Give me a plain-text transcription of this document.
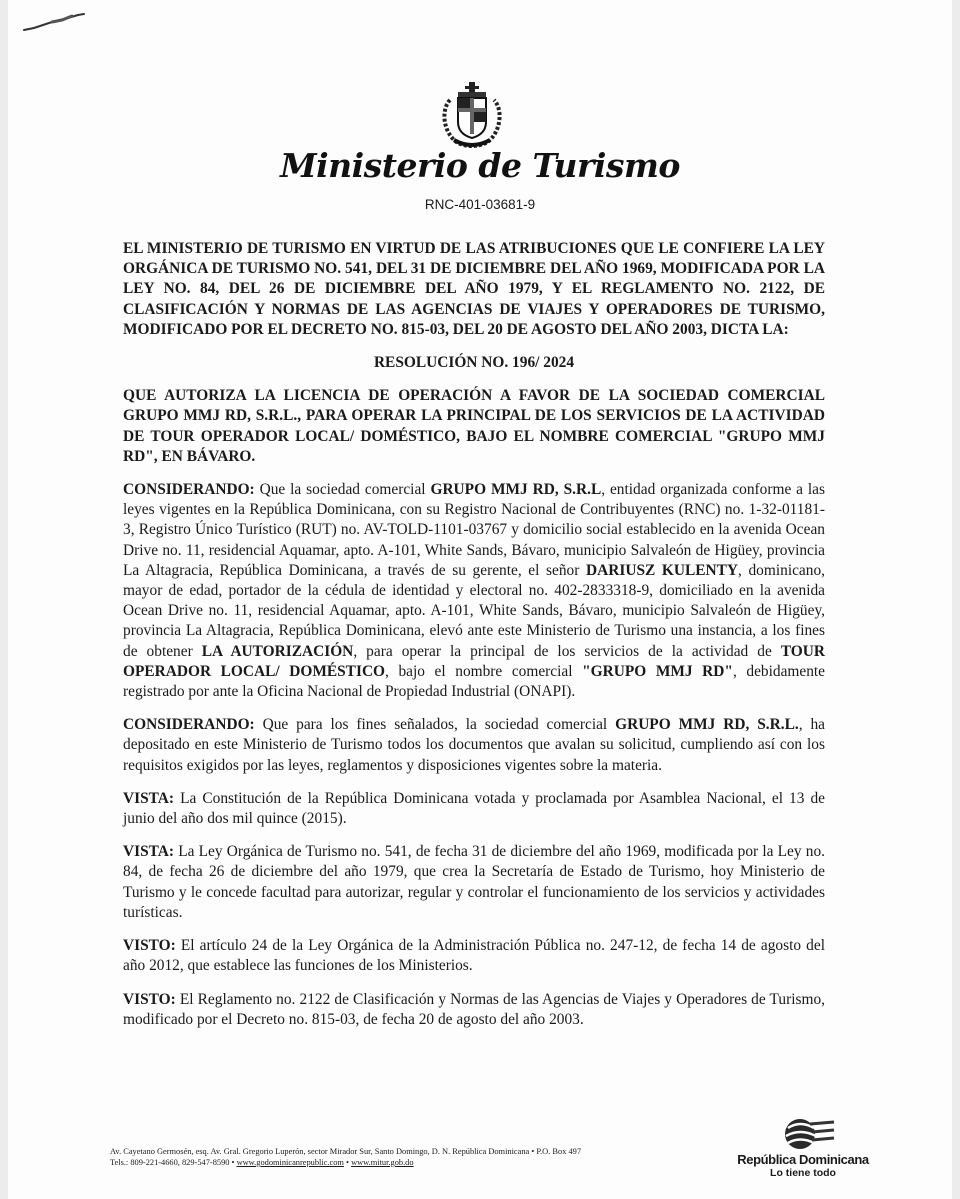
Ministerio de Turismo
RNC-401-03681-9

EL MINISTERIO DE TURISMO EN VIRTUD DE LAS ATRIBUCIONES QUE LE CONFIERE LA LEY ORGÁNICA DE TURISMO NO. 541, DEL 31 DE DICIEMBRE DEL AÑO 1969, MODIFICADA POR LA LEY NO. 84, DEL 26 DE DICIEMBRE DEL AÑO 1979, Y EL REGLAMENTO NO. 2122, DE CLASIFICACIÓN Y NORMAS DE LAS AGENCIAS DE VIAJES Y OPERADORES DE TURISMO, MODIFICADO POR EL DECRETO NO. 815-03, DEL 20 DE AGOSTO DEL AÑO 2003, DICTA LA:

RESOLUCIÓN NO. 196/ 2024

QUE AUTORIZA LA LICENCIA DE OPERACIÓN A FAVOR DE LA SOCIEDAD COMERCIAL GRUPO MMJ RD, S.R.L., PARA OPERAR LA PRINCIPAL DE LOS SERVICIOS DE LA ACTIVIDAD DE TOUR OPERADOR LOCAL/ DOMÉSTICO, BAJO EL NOMBRE COMERCIAL "GRUPO MMJ RD", EN BÁVARO.

CONSIDERANDO: Que la sociedad comercial GRUPO MMJ RD, S.R.L, entidad organizada conforme a las leyes vigentes en la República Dominicana, con su Registro Nacional de Contribuyentes (RNC) no. 1-32-01181-3, Registro Único Turístico (RUT) no. AV-TOLD-1101-03767 y domicilio social establecido en la avenida Ocean Drive no. 11, residencial Aquamar, apto. A-101, White Sands, Bávaro, municipio Salvaleón de Higüey, provincia La Altagracia, República Dominicana, a través de su gerente, el señor DARIUSZ KULENTY, dominicano, mayor de edad, portador de la cédula de identidad y electoral no. 402-2833318-9, domiciliado en la avenida Ocean Drive no. 11, residencial Aquamar, apto. A-101, White Sands, Bávaro, municipio Salvaleón de Higüey, provincia La Altagracia, República Dominicana, elevó ante este Ministerio de Turismo una instancia, a los fines de obtener LA AUTORIZACIÓN, para operar la principal de los servicios de la actividad de TOUR OPERADOR LOCAL/ DOMÉSTICO, bajo el nombre comercial "GRUPO MMJ RD", debidamente registrado por ante la Oficina Nacional de Propiedad Industrial (ONAPI).

CONSIDERANDO: Que para los fines señalados, la sociedad comercial GRUPO MMJ RD, S.R.L., ha depositado en este Ministerio de Turismo todos los documentos que avalan su solicitud, cumpliendo así con los requisitos exigidos por las leyes, reglamentos y disposiciones vigentes sobre la materia.

VISTA: La Constitución de la República Dominicana votada y proclamada por Asamblea Nacional, el 13 de junio del año dos mil quince (2015).

VISTA: La Ley Orgánica de Turismo no. 541, de fecha 31 de diciembre del año 1969, modificada por la Ley no. 84, de fecha 26 de diciembre del año 1979, que crea la Secretaría de Estado de Turismo, hoy Ministerio de Turismo y le concede facultad para autorizar, regular y controlar el funcionamiento de los servicios y actividades turísticas.

VISTO: El artículo 24 de la Ley Orgánica de la Administración Pública no. 247-12, de fecha 14 de agosto del año 2012, que establece las funciones de los Ministerios.

VISTO: El Reglamento no. 2122 de Clasificación y Normas de las Agencias de Viajes y Operadores de Turismo, modificado por el Decreto no. 815-03, de fecha 20 de agosto del año 2003.

Av. Cayetano Germosén, esq. Av. Gral. Gregorio Luperón, sector Mirador Sur, Santo Domingo, D. N. República Dominicana • P.O. Box 497
Tels.: 809-221-4660, 829-547-8590 • www.godominicanrepublic.com • www.mitur.gob.do	República Dominicana
Lo tiene todo
